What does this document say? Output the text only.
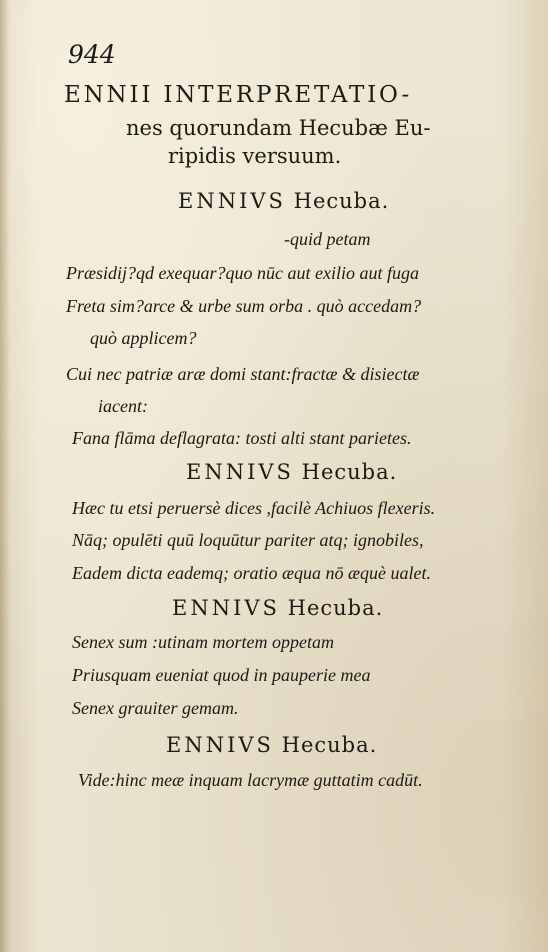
944
ENNII INTERPRETATIO-
nes quorundam Hecubæ Eu-
ripidis versuum.
ENNIVS Hecuba.
-quid petam
Præsidij?qd exequar?quo nūc aut exilio aut fuga
Freta sim?arce & urbe sum orba . quò accedam?
quò applicem?
Cui nec patriæ aræ domi stant:fractæ & disiectæ
iacent:
Fana flāma deflagrata: tosti alti stant parietes.
ENNIVS Hecuba.
Hæc tu etsi peruersè dices ,facilè Achiuos flexeris.
Nāq; opulēti quū loquūtur pariter atq; ignobiles,
Eadem dicta eademq; oratio æqua nō æquè ualet.
ENNIVS Hecuba.
Senex sum :utinam mortem oppetam
Priusquam eueniat quod in pauperie mea
Senex grauiter gemam.
ENNIVS Hecuba.
Vide:hinc meæ inquam lacrymæ guttatim cadūt.
